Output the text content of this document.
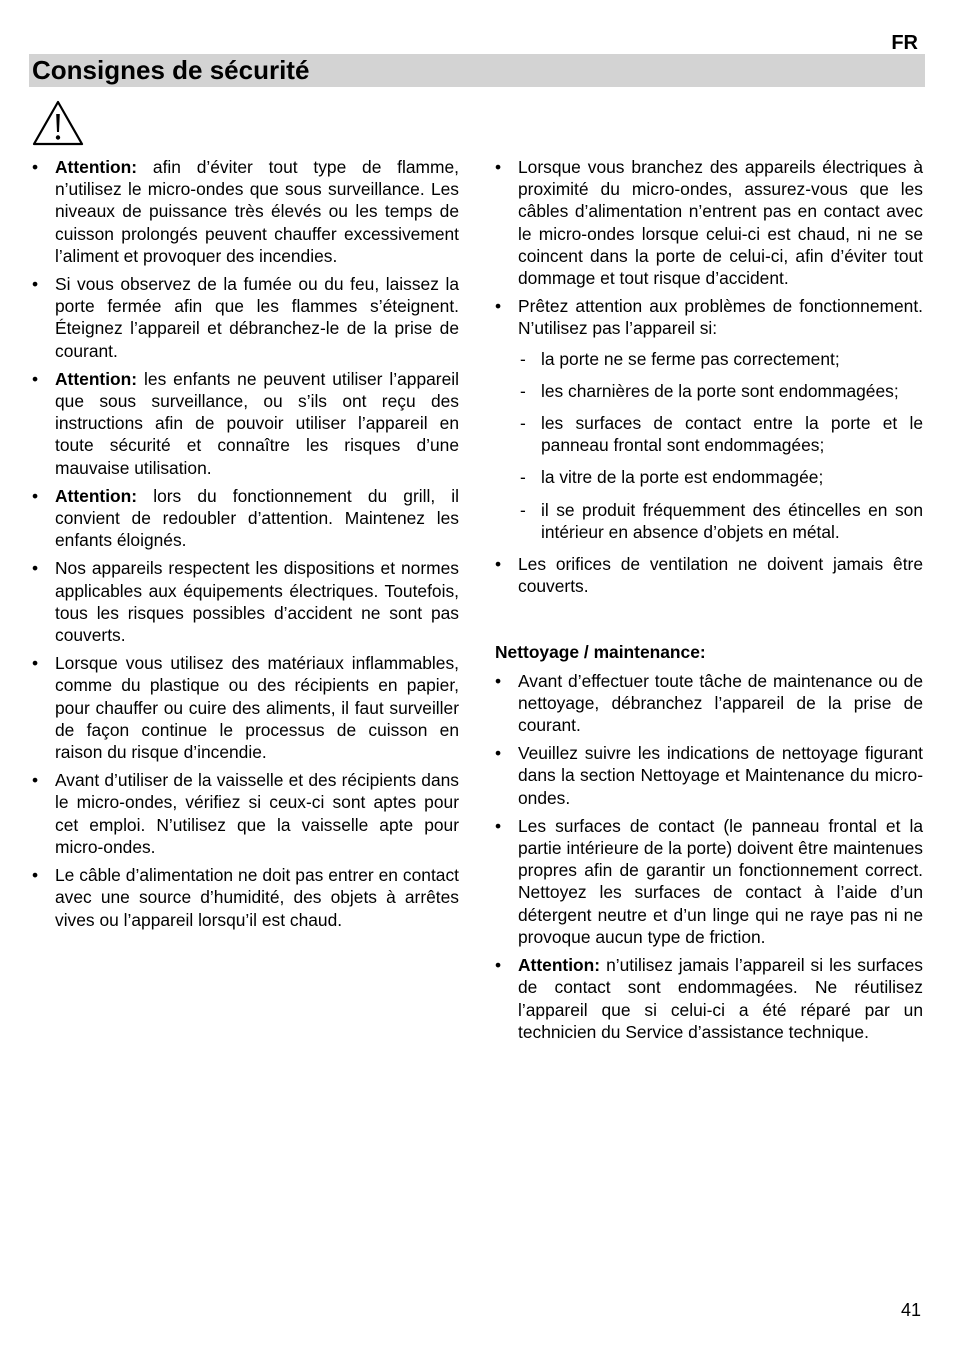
FR
Consignes de sécurité
• Attention: afin d’éviter tout type de flamme, n’utilisez le micro-ondes que sous surveillance. Les niveaux de puissance très élevés ou les temps de cuisson prolongés peuvent chauffer excessivement l’aliment et provoquer des incendies.
• Si vous observez de la fumée ou du feu, laissez la porte fermée afin que les flammes s’éteignent. Éteignez l’appareil et débranchez-le de la prise de courant.
• Attention: les enfants ne peuvent utiliser l’appareil que sous surveillance, ou s’ils ont reçu des instructions afin de pouvoir utiliser l’appareil en toute sécurité et connaître les risques d’une mauvaise utilisation.
• Attention: lors du fonctionnement du grill, il convient de redoubler d’attention. Maintenez les enfants éloignés.
• Nos appareils respectent les dispositions et normes applicables aux équipements électriques. Toutefois, tous les risques possibles d’accident ne sont pas couverts.
• Lorsque vous utilisez des matériaux inflammables, comme du plastique ou des récipients en papier, pour chauffer ou cuire des aliments, il faut surveiller de façon continue le processus de cuisson en raison du risque d’incendie.
• Avant d’utiliser de la vaisselle et des récipients dans le micro-ondes, vérifiez si ceux-ci sont aptes pour cet emploi. N’utilisez que la vaisselle apte pour micro-ondes.
• Le câble d’alimentation ne doit pas entrer en contact avec une source d’humidité, des objets à arrêtes vives ou l’appareil lorsqu’il est chaud.
• Lorsque vous branchez des appareils électriques à proximité du micro-ondes, assurez-vous que les câbles d’alimentation n’entrent pas en contact avec le micro-ondes lorsque celui-ci est chaud, ni ne se coincent dans la porte de celui-ci, afin d’éviter tout dommage et tout risque d’accident.
• Prêtez attention aux problèmes de fonctionnement. N’utilisez pas l’appareil si:
- la porte ne se ferme pas correctement;
- les charnières de la porte sont endommagées;
- les surfaces de contact entre la porte et le panneau frontal sont endommagées;
- la vitre de la porte est endommagée;
- il se produit fréquemment des étincelles en son intérieur en absence d’objets en métal.
• Les orifices de ventilation ne doivent jamais être couverts.
Nettoyage / maintenance:
• Avant d’effectuer toute tâche de maintenance ou de nettoyage, débranchez l’appareil de la prise de courant.
• Veuillez suivre les indications de nettoyage figurant dans la section Nettoyage et Maintenance du micro-ondes.
• Les surfaces de contact (le panneau frontal et la partie intérieure de la porte) doivent être maintenues propres afin de garantir un fonctionnement correct. Nettoyez les surfaces de contact à l’aide d’un détergent neutre et d’un linge qui ne raye pas ni ne provoque aucun type de friction.
• Attention: n’utilisez jamais l’appareil si les surfaces de contact sont endommagées. Ne réutilisez l’appareil que si celui-ci a été réparé par un technicien du Service d’assistance technique.
41
